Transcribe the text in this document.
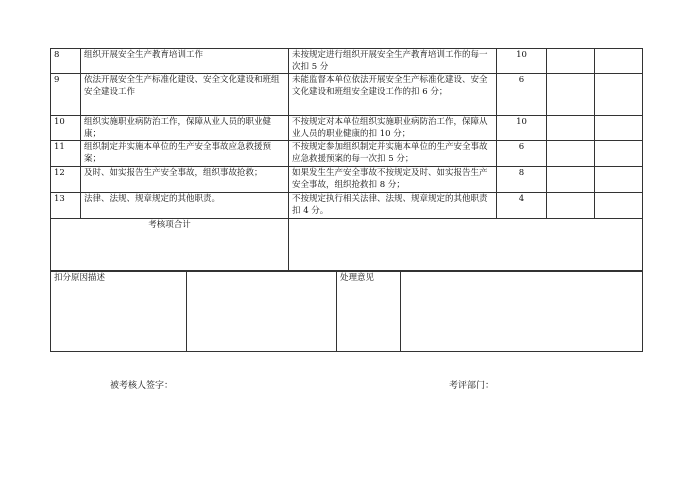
8	组织开展安全生产教育培训工作	未按规定进行组织开展安全生产教育培训工作的每一次扣 5 分	10		
9	依法开展安全生产标准化建设、安全文化建设和班组安全建设工作	未能监督本单位依法开展安全生产标准化建设、安全文化建设和班组安全建设工作的扣 6 分；	6		
10	组织实施职业病防治工作，保障从业人员的职业健康；	不按规定对本单位组织实施职业病防治工作，保障从业人员的职业健康的扣 10 分；	10		
11	组织制定并实施本单位的生产安全事故应急救援预案；	不按规定参加组织制定并实施本单位的生产安全事故应急救援预案的每一次扣 5 分；	6		
12	及时、如实报告生产安全事故，组织事故抢救；	如果发生生产安全事故不按规定及时、如实报告生产安全事故，组织抢救扣 8 分；	8		
13	法律、法规、规章规定的其他职责。	不按规定执行相关法律、法规、规章规定的其他职责扣 4 分。	4		
考核项合计					
扣分原因描述		处理意见	
被考核人签字：	考评部门：
